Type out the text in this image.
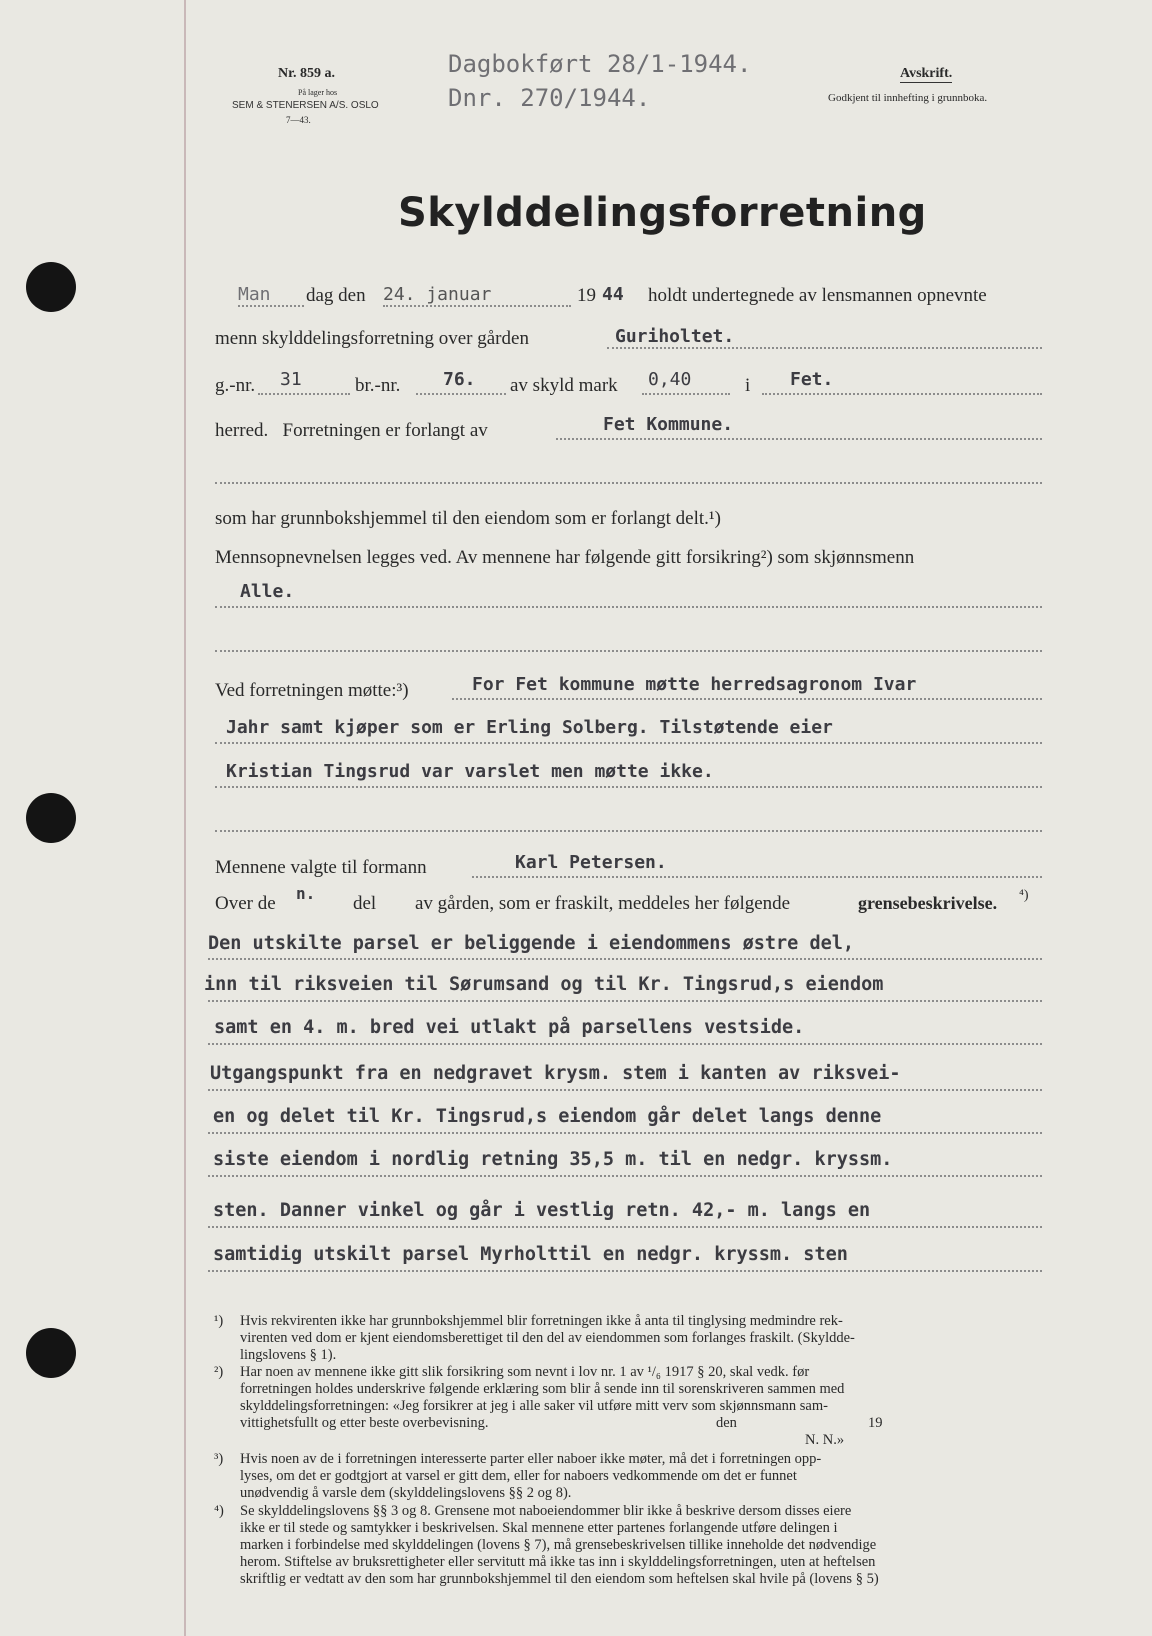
Nr. 859 a.
På lager hos
SEM & STENERSEN A/S. OSLO
7—43.
Dagbokført 28/1-1944.
Dnr. 270/1944.
Avskrift.
Godkjent til innhefting i grunnboka.
Skylddelingsforretning
Man dag den 24. januar	19 44 holdt undertegnede av lensmannen opnevnte
menn skylddelingsforretning over gården	Guriholtet.
g.-nr. 31	br.-nr. 76. av skyld mark 0,40	i Fet.
herred.   Forretningen er forlangt av	Fet Kommune.
som har grunnbokshjemmel til den eiendom som er forlangt delt.¹)
Mennsopnevnelsen legges ved. Av mennene har følgende gitt forsikring²) som skjønnsmenn
Alle.
Ved forretningen møtte:³)	For Fet kommune møtte herredsagronom Ivar
Jahr samt kjøper som er Erling Solberg. Tilstøtende eier
Kristian Tingsrud var varslet men møtte ikke.
Mennene valgte til formann	Karl Petersen.
Over de n. del av gården, som er fraskilt, meddeles her følgende	grensebeskrivelse. ⁴)
Den utskilte parsel er beliggende i eiendommens østre del,
inn til riksveien til Sørumsand og til Kr. Tingsrud,s eiendom
samt en 4. m. bred vei utlakt på parsellens vestside.
Utgangspunkt fra en nedgravet krysm. stem i kanten av riksvei-
en og delet til Kr. Tingsrud,s eiendom går delet langs denne
siste eiendom i nordlig retning 35,5 m. til en nedgr. kryssm.
sten. Danner vinkel og går i vestlig retn. 42,- m. langs en
samtidig utskilt parsel Myrholttil en nedgr. kryssm. sten
¹) Hvis rekvirenten ikke har grunnbokshjemmel blir forretningen ikke å anta til tinglysing medmindre rek-
virenten ved dom er kjent eiendomsberettiget til den del av eiendommen som forlanges fraskilt. (Skyldde-
lingslovens § 1).
²) Har noen av mennene ikke gitt slik forsikring som nevnt i lov nr. 1 av ¹/₆ 1917 § 20, skal vedk. før
forretningen holdes underskrive følgende erklæring som blir å sende inn til sorenskriveren sammen med
skylddelingsforretningen: «Jeg forsikrer at jeg i alle saker vil utføre mitt verv som skjønnsmann sam-
vittighetsfullt og etter beste overbevisning.	den	19
N. N.»
³) Hvis noen av de i forretningen interesserte parter eller naboer ikke møter, må det i forretningen opp-
lyses, om det er godtgjort at varsel er gitt dem, eller for naboers vedkommende om det er funnet
unødvendig å varsle dem (skylddelingslovens §§ 2 og 8).
⁴) Se skylddelingslovens §§ 3 og 8. Grensene mot naboeiendommer blir ikke å beskrive dersom disses eiere
ikke er til stede og samtykker i beskrivelsen. Skal mennene etter partenes forlangende utføre delingen i
marken i forbindelse med skylddelingen (lovens § 7), må grensebeskrivelsen tillike inneholde det nødvendige
herom. Stiftelse av bruksrettigheter eller servitutt må ikke tas inn i skylddelingsforretningen, uten at heftelsen
skriftlig er vedtatt av den som har grunnbokshjemmel til den eiendom som heftelsen skal hvile på (lovens § 5)
